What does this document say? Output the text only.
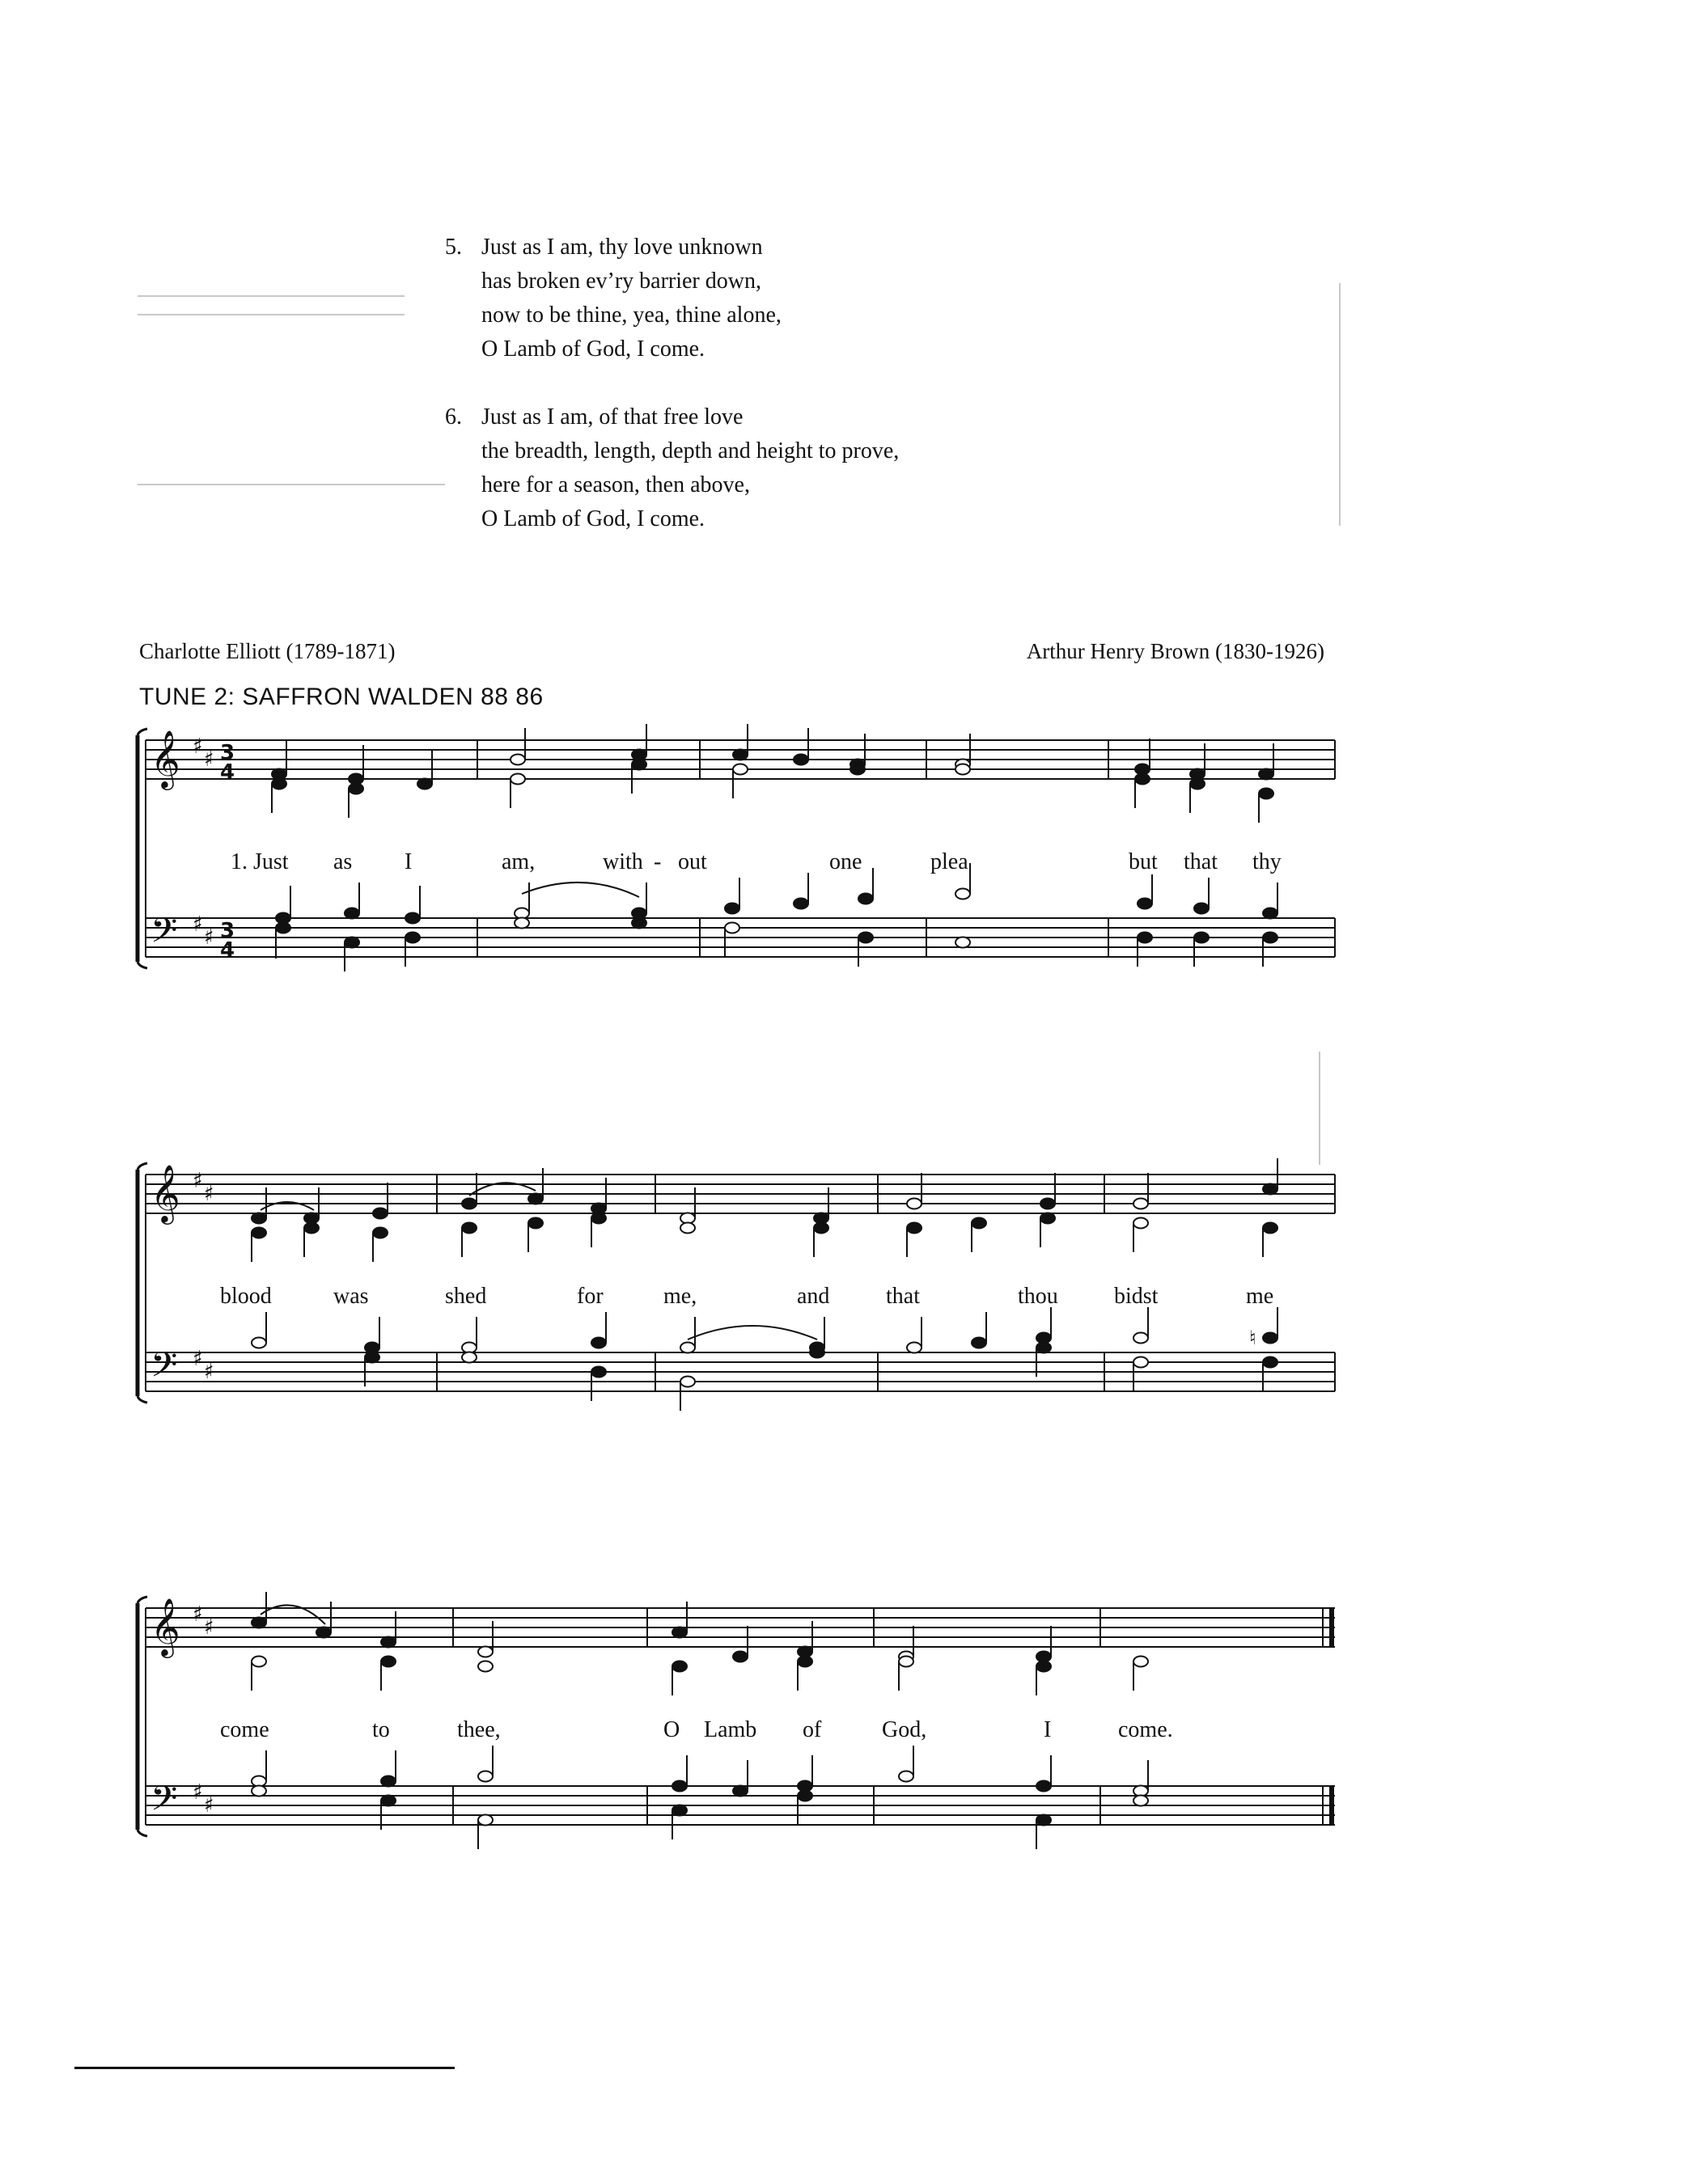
5. Just as I am, thy love unknown
has broken ev’ry barrier down,
now to be thine, yea, thine alone,
O Lamb of God, I come.
6. Just as I am, of that free love
the breadth, length, depth and height to prove,
here for a season, then above,
O Lamb of God, I come.
Charlotte Elliott (1789-1871)	Arthur Henry Brown (1830-1926)
TUNE 2: SAFFRON WALDEN 88 86
𝄞
𝄢
♯
♯
♯
♯
3
4
3
4
1. Just as I	am,	with - out	one	plea	but that thy
𝄞
𝄢
♯
♯
♯
♯
♮
blood	was	shed	for	me,	and that	thou bidst	me
𝄞
𝄢
♯
♯
♯
♯
come	to	thee,	O Lamb of	God,	I	come.
